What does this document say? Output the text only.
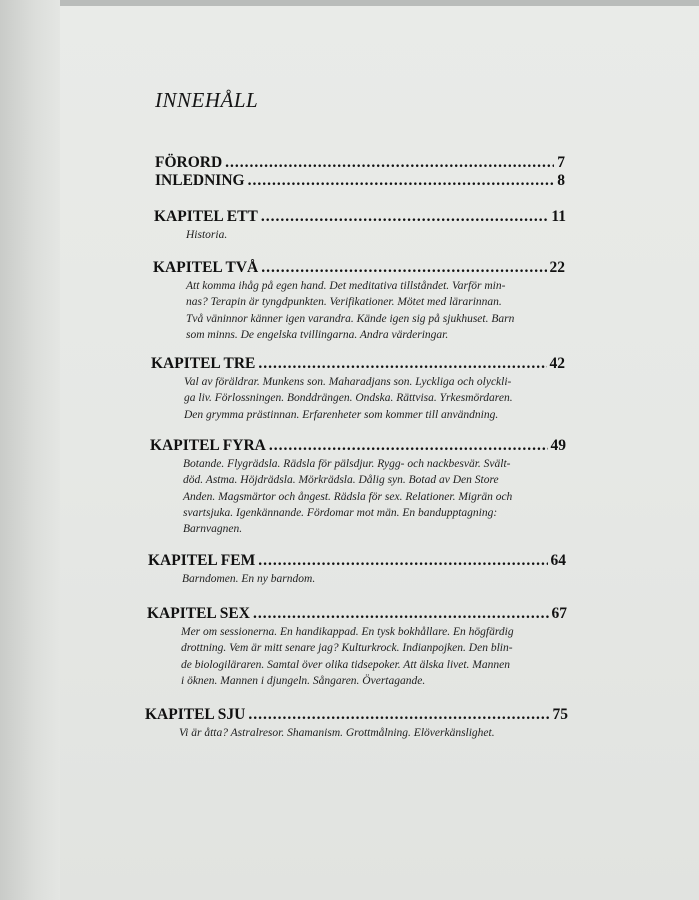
INNEHÅLL
FÖRORD .....	7
INLEDNING .....	8
KAPITEL ETT .....	11
Historia.
KAPITEL TVÅ .....	22
Att komma ihåg på egen hand. Det meditativa tillståndet. Varför min-
nas? Terapin är tyngdpunkten. Verifikationer. Mötet med lärarinnan.
Två väninnor känner igen varandra. Kände igen sig på sjukhuset. Barn
som minns. De engelska tvillingarna. Andra värderingar.
KAPITEL TRE .....	42
Val av föräldrar. Munkens son. Maharadjans son. Lyckliga och olyckli-
ga liv. Förlossningen. Bonddrängen. Ondska. Rättvisa. Yrkesmördaren.
Den grymma prästinnan. Erfarenheter som kommer till användning.
KAPITEL FYRA .....	49
Botande. Flygrädsla. Rädsla för pälsdjur. Rygg- och nackbesvär. Svält-
död. Astma. Höjdrädsla. Mörkrädsla. Dålig syn. Botad av Den Store
Anden. Magsmärtor och ångest. Rädsla för sex. Relationer. Migrän och
svartsjuka. Igenkännande. Fördomar mot män. En bandupptagning:
Barnvagnen.
KAPITEL FEM .....	64
Barndomen. En ny barndom.
KAPITEL SEX .....	67
Mer om sessionerna. En handikappad. En tysk bokhållare. En högfärdig
drottning. Vem är mitt senare jag? Kulturkrock. Indianpojken. Den blin-
de biologiläraren. Samtal över olika tidsepoker. Att älska livet. Mannen
i öknen. Mannen i djungeln. Sångaren. Övertagande.
KAPITEL SJU .....	75
Vi är åtta? Astralresor. Shamanism. Grottmålning. Elöverkänslighet.
